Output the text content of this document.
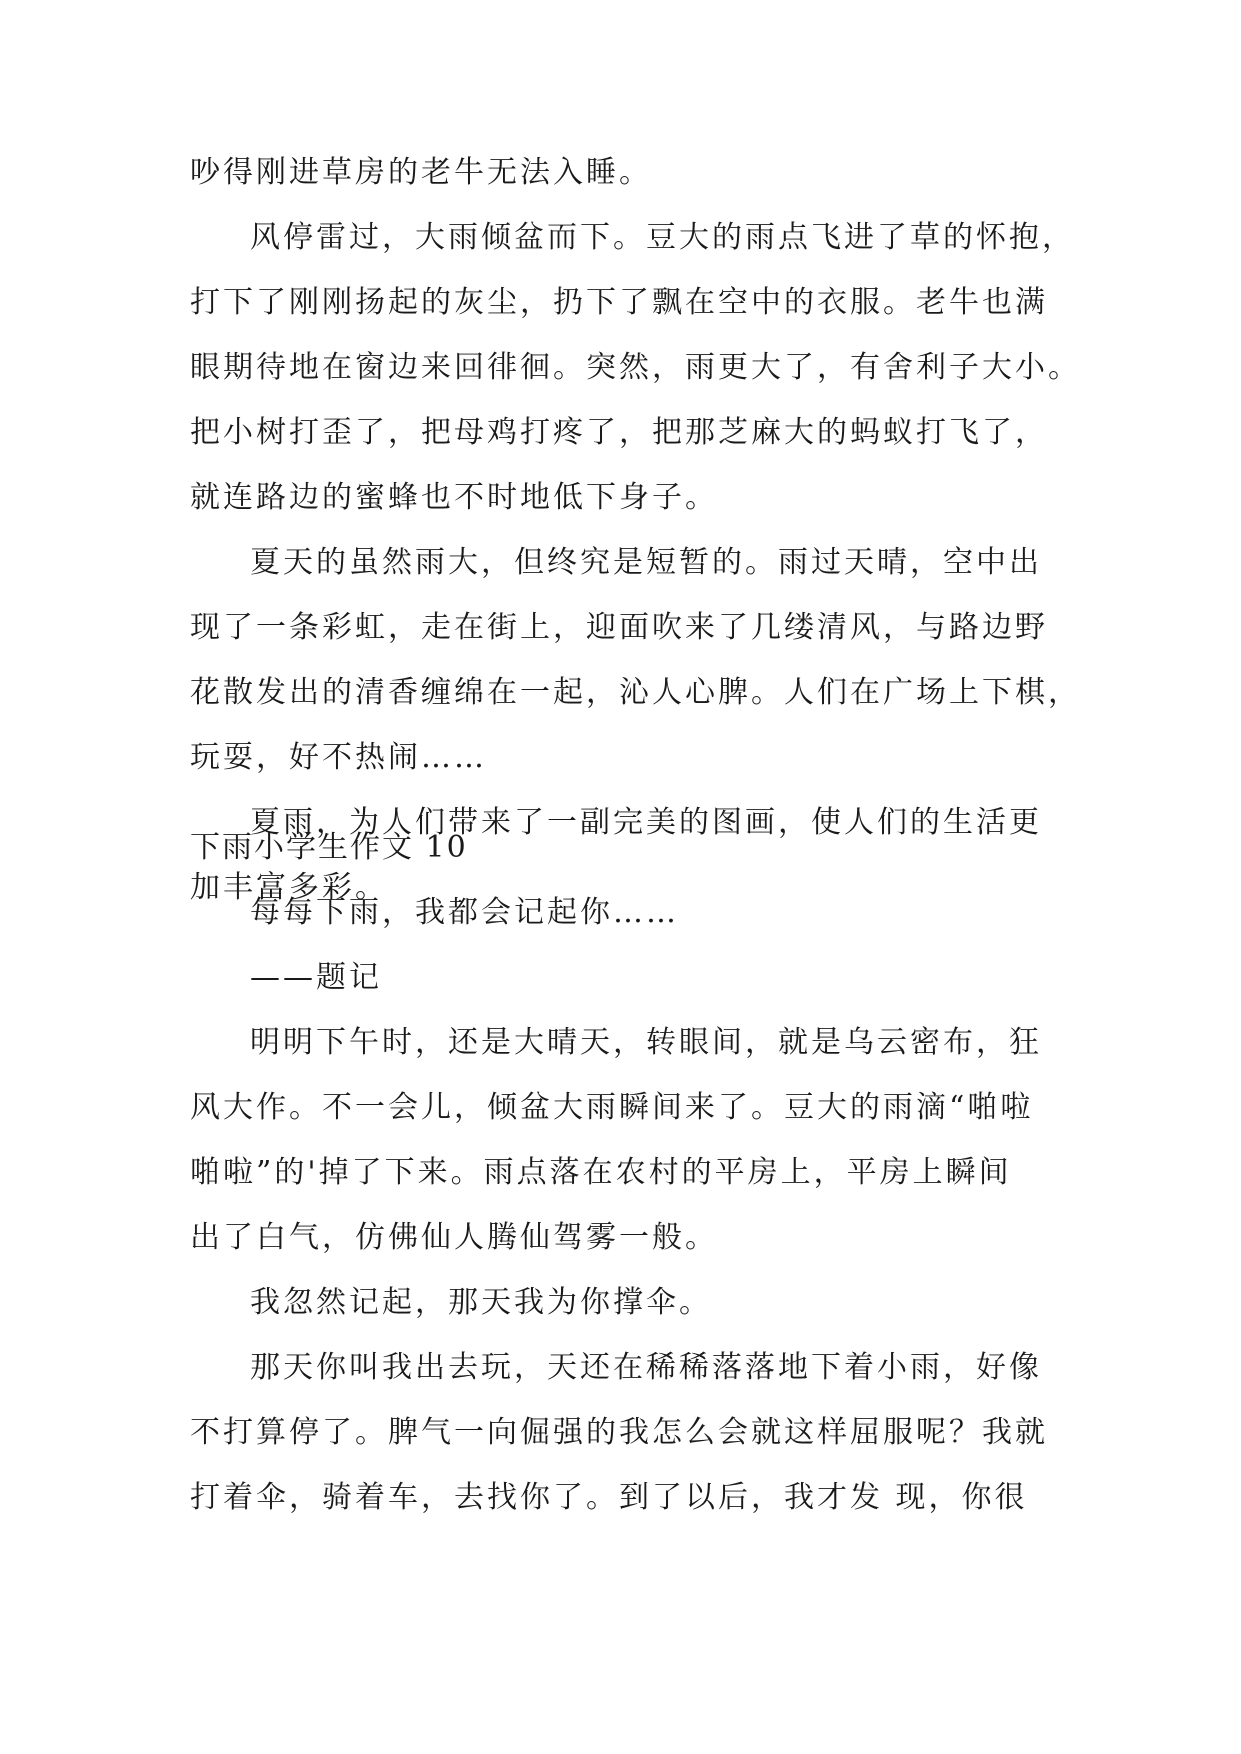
吵得刚进草房的老牛无法入睡。
风停雷过，大雨倾盆而下。豆大的雨点飞进了草的怀抱，
打下了刚刚扬起的灰尘，扔下了飘在空中的衣服。老牛也满
眼期待地在窗边来回徘徊。突然，雨更大了，有舍利子大小。
把小树打歪了，把母鸡打疼了，把那芝麻大的蚂蚁打飞了，
就连路边的蜜蜂也不时地低下身子。
夏天的虽然雨大，但终究是短暂的。雨过天晴，空中出
现了一条彩虹，走在街上，迎面吹来了几缕清风，与路边野
花散发出的清香缠绵在一起，沁人心脾。人们在广场上下棋，
玩耍，好不热闹……
夏雨，为人们带来了一副完美的图画，使人们的生活更
加丰富多彩。
下雨小学生作文 10
每每下雨，我都会记起你……
——题记
明明下午时，还是大晴天，转眼间，就是乌云密布，狂
风大作。不一会儿，倾盆大雨瞬间来了。豆大的雨滴“啪啦
啪啦”的'掉了下来。雨点落在农村的平房上，平房上瞬间
出了白气，仿佛仙人腾仙驾雾一般。
我忽然记起，那天我为你撑伞。
那天你叫我出去玩，天还在稀稀落落地下着小雨，好像
不打算停了。脾气一向倔强的我怎么会就这样屈服呢？我就
打着伞，骑着车，去找你了。到了以后，我才发 现，你很
